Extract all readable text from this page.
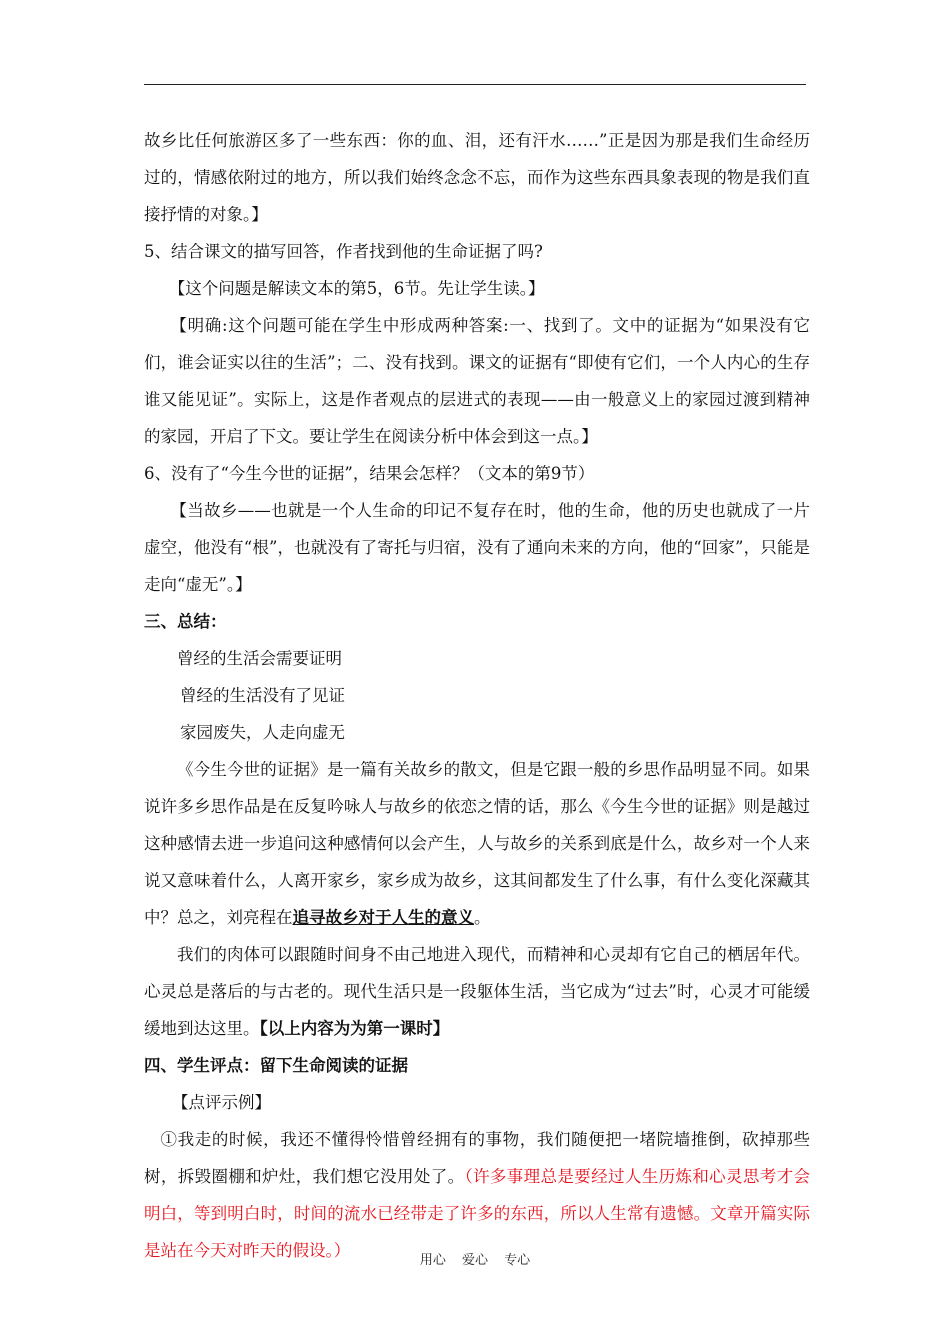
故乡比任何旅游区多了一些东西：你的血、泪，还有汗水……”正是因为那是我们生命经历过的，情感依附过的地方，所以我们始终念念不忘，而作为这些东西具象表现的物是我们直接抒情的对象。】

5、结合课文的描写回答，作者找到他的生命证据了吗?

【这个问题是解读文本的第5，6节。先让学生读。】

【明确:这个问题可能在学生中形成两种答案:一、找到了。文中的证据为“如果没有它们，谁会证实以往的生活”；二、没有找到。课文的证据有“即使有它们，一个人内心的生存谁又能见证”。实际上，这是作者观点的层进式的表现——由一般意义上的家园过渡到精神的家园，开启了下文。要让学生在阅读分析中体会到这一点。】

6、没有了“今生今世的证据”，结果会怎样？（文本的第9节）

【当故乡——也就是一个人生命的印记不复存在时，他的生命，他的历史也就成了一片虚空，他没有“根”，也就没有了寄托与归宿，没有了通向未来的方向，他的“回家”，只能是走向“虚无”。】

三、总结：

曾经的生活会需要证明

曾经的生活没有了见证

家园废失，人走向虚无

《今生今世的证据》是一篇有关故乡的散文，但是它跟一般的乡思作品明显不同。如果说许多乡思作品是在反复吟咏人与故乡的依恋之情的话，那么《今生今世的证据》则是越过这种感情去进一步追问这种感情何以会产生，人与故乡的关系到底是什么，故乡对一个人来说又意味着什么，人离开家乡，家乡成为故乡，这其间都发生了什么事，有什么变化深藏其中？总之，刘亮程在追寻故乡对于人生的意义。

我们的肉体可以跟随时间身不由己地进入现代，而精神和心灵却有它自己的栖居年代。心灵总是落后的与古老的。现代生活只是一段躯体生活，当它成为“过去”时，心灵才可能缓缓地到达这里。【以上内容为为第一课时】

四、学生评点：留下生命阅读的证据

【点评示例】

①我走的时候，我还不懂得怜惜曾经拥有的事物，我们随便把一堵院墙推倒，砍掉那些树，拆毁圈棚和炉灶，我们想它没用处了。（许多事理总是要经过人生历炼和心灵思考才会明白，等到明白时，时间的流水已经带走了许多的东西，所以人生常有遗憾。文章开篇实际是站在今天对昨天的假设。）

用心 爱心 专心
